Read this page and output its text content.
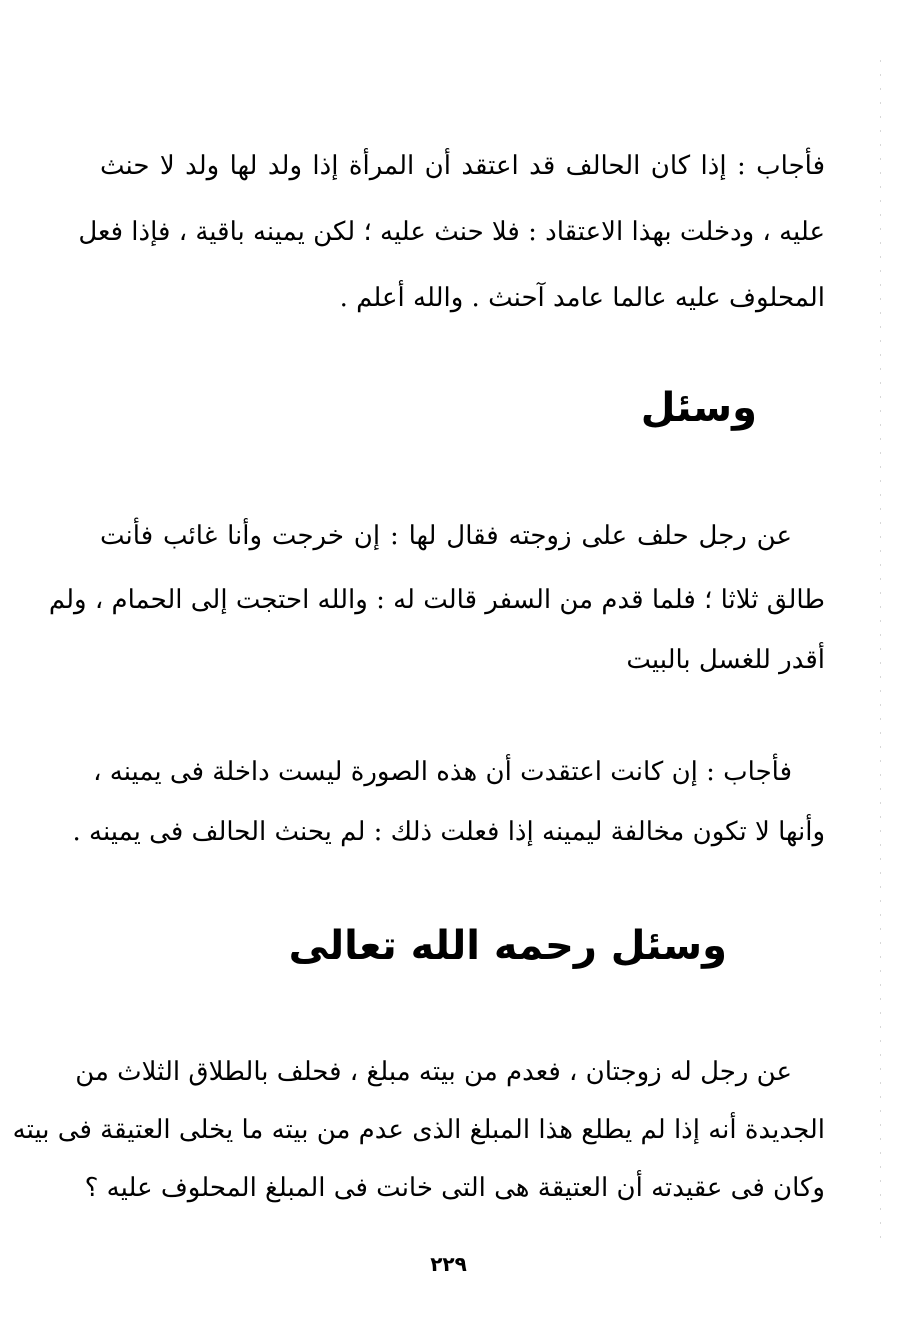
فأجاب : إذا كان الحالف قد اعتقد أن المرأة إذا ولد لها ولد لا حنث
عليه ، ودخلت بهذا الاعتقاد : فلا حنث عليه ؛ لكن يمينه باقية ، فإذا فعل
المحلوف عليه عالما عامد آحنث . والله أعلم .
وسئل
عن رجل حلف على زوجته فقال لها : إن خرجت وأنا غائب فأنت
طالق ثلاثا ؛ فلما قدم من السفر قالت له : والله احتجت إلى الحمام ، ولم
أقدر للغسل بالبيت
فأجاب : إن كانت اعتقدت أن هذه الصورة ليست داخلة فى يمينه ،
وأنها لا تكون مخالفة ليمينه إذا فعلت ذلك : لم يحنث الحالف فى يمينه .
وسئل رحمه الله تعالى
عن رجل له زوجتان ، فعدم من بيته مبلغ ، فحلف بالطلاق الثلاث من
الجديدة أنه إذا لم يطلع هذا المبلغ الذى عدم من بيته ما يخلى العتيقة فى بيته
وكان فى عقيدته أن العتيقة هى التى خانت فى المبلغ المحلوف عليه ؟
٢٢٩
